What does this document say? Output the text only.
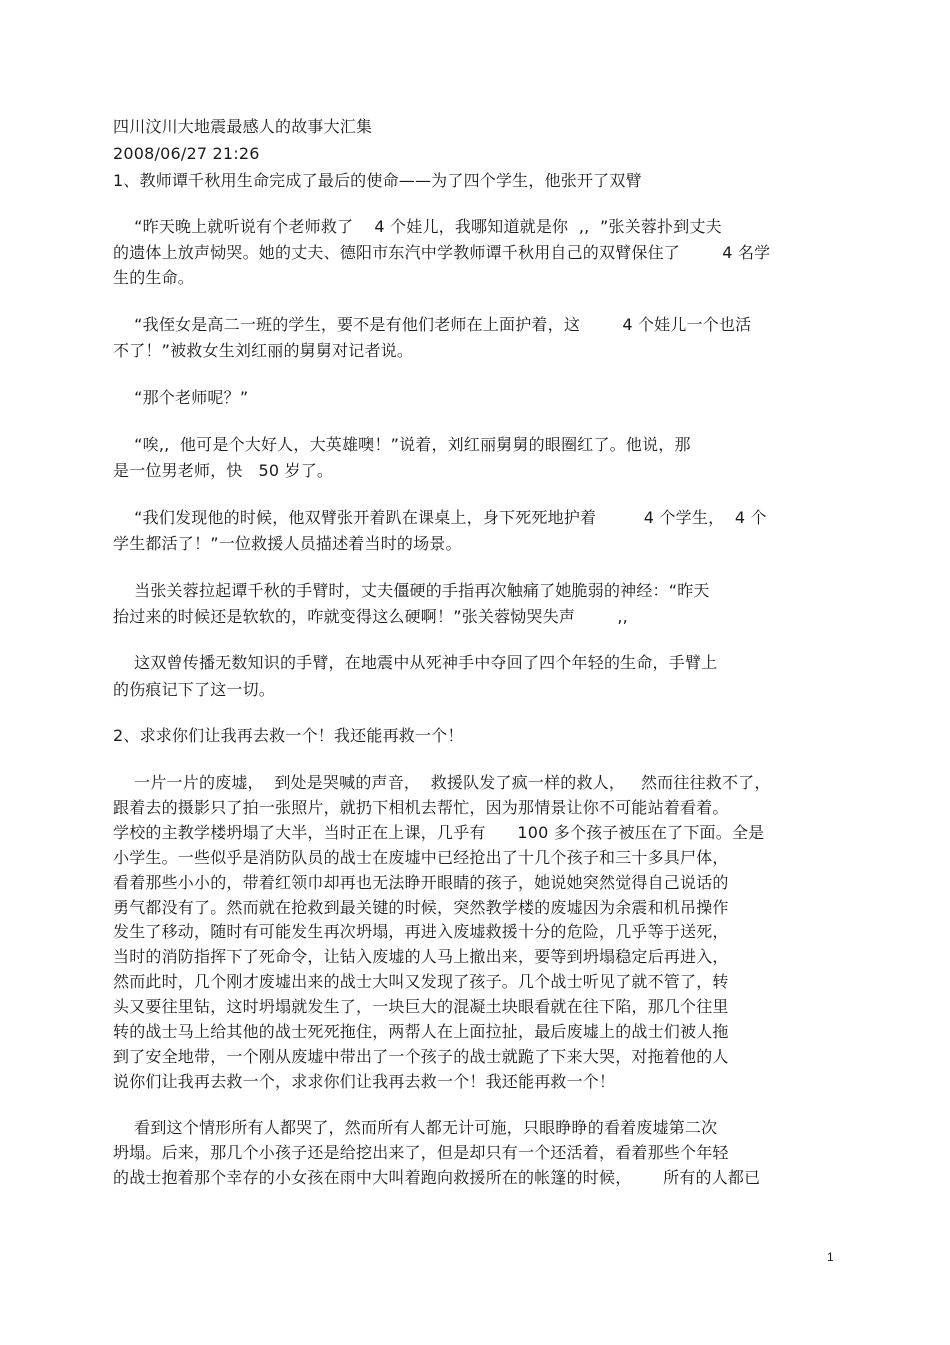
四川汶川大地震最感人的故事大汇集
2008/06/27 21:26
1、教师谭千秋用生命完成了最后的使命——为了四个学生，他张开了双臂
“昨天晚上就听说有个老师救了    4 个娃儿，我哪知道就是你  ,,  ”张关蓉扑到丈夫
的遗体上放声恸哭。她的丈夫、德阳市东汽中学教师谭千秋用自己的双臂保住了        4 名学
生的生命。
“我侄女是高二一班的学生，要不是有他们老师在上面护着，这        4 个娃儿一个也活
不了！”被救女生刘红丽的舅舅对记者说。
“那个老师呢？”
“唉,,  他可是个大好人，大英雄噢！”说着，刘红丽舅舅的眼圈红了。他说，那
是一位男老师，快   50 岁了。
“我们发现他的时候，他双臂张开着趴在课桌上，身下死死地护着         4 个学生，  4 个
学生都活了！”一位救援人员描述着当时的场景。
当张关蓉拉起谭千秋的手臂时，丈夫僵硬的手指再次触痛了她脆弱的神经：“昨天
抬过来的时候还是软软的，咋就变得这么硬啊！”张关蓉恸哭失声        ,,
这双曾传播无数知识的手臂，在地震中从死神手中夺回了四个年轻的生命，手臂上
的伤痕记下了这一切。
2、求求你们让我再去救一个！我还能再救一个！
一片一片的废墟，  到处是哭喊的声音，  救援队发了疯一样的救人，   然而往往救不了，
跟着去的摄影只了拍一张照片，就扔下相机去帮忙，因为那情景让你不可能站着看着。
学校的主教学楼坍塌了大半，当时正在上课，几乎有      100 多个孩子被压在了下面。全是
小学生。一些似乎是消防队员的战士在废墟中已经抢出了十几个孩子和三十多具尸体，
看着那些小小的，带着红领巾却再也无法睁开眼睛的孩子，她说她突然觉得自己说话的
勇气都没有了。然而就在抢救到最关键的时候，突然教学楼的废墟因为余震和机吊操作
发生了移动，随时有可能发生再次坍塌，再进入废墟救援十分的危险，几乎等于送死，
当时的消防指挥下了死命令，让钻入废墟的人马上撤出来，要等到坍塌稳定后再进入，
然而此时，几个刚才废墟出来的战士大叫又发现了孩子。几个战士听见了就不管了，转
头又要往里钻，这时坍塌就发生了，一块巨大的混凝土块眼看就在往下陷，那几个往里
转的战士马上给其他的战士死死拖住，两帮人在上面拉扯，最后废墟上的战士们被人拖
到了安全地带，一个刚从废墟中带出了一个孩子的战士就跪了下来大哭，对拖着他的人
说你们让我再去救一个，求求你们让我再去救一个！我还能再救一个！
看到这个情形所有人都哭了，然而所有人都无计可施，只眼睁睁的看着废墟第二次
坍塌。后来，那几个小孩子还是给挖出来了，但是却只有一个还活着，看着那些个年轻
的战士抱着那个幸存的小女孩在雨中大叫着跑向救援所在的帐篷的时候，      所有的人都已
1
